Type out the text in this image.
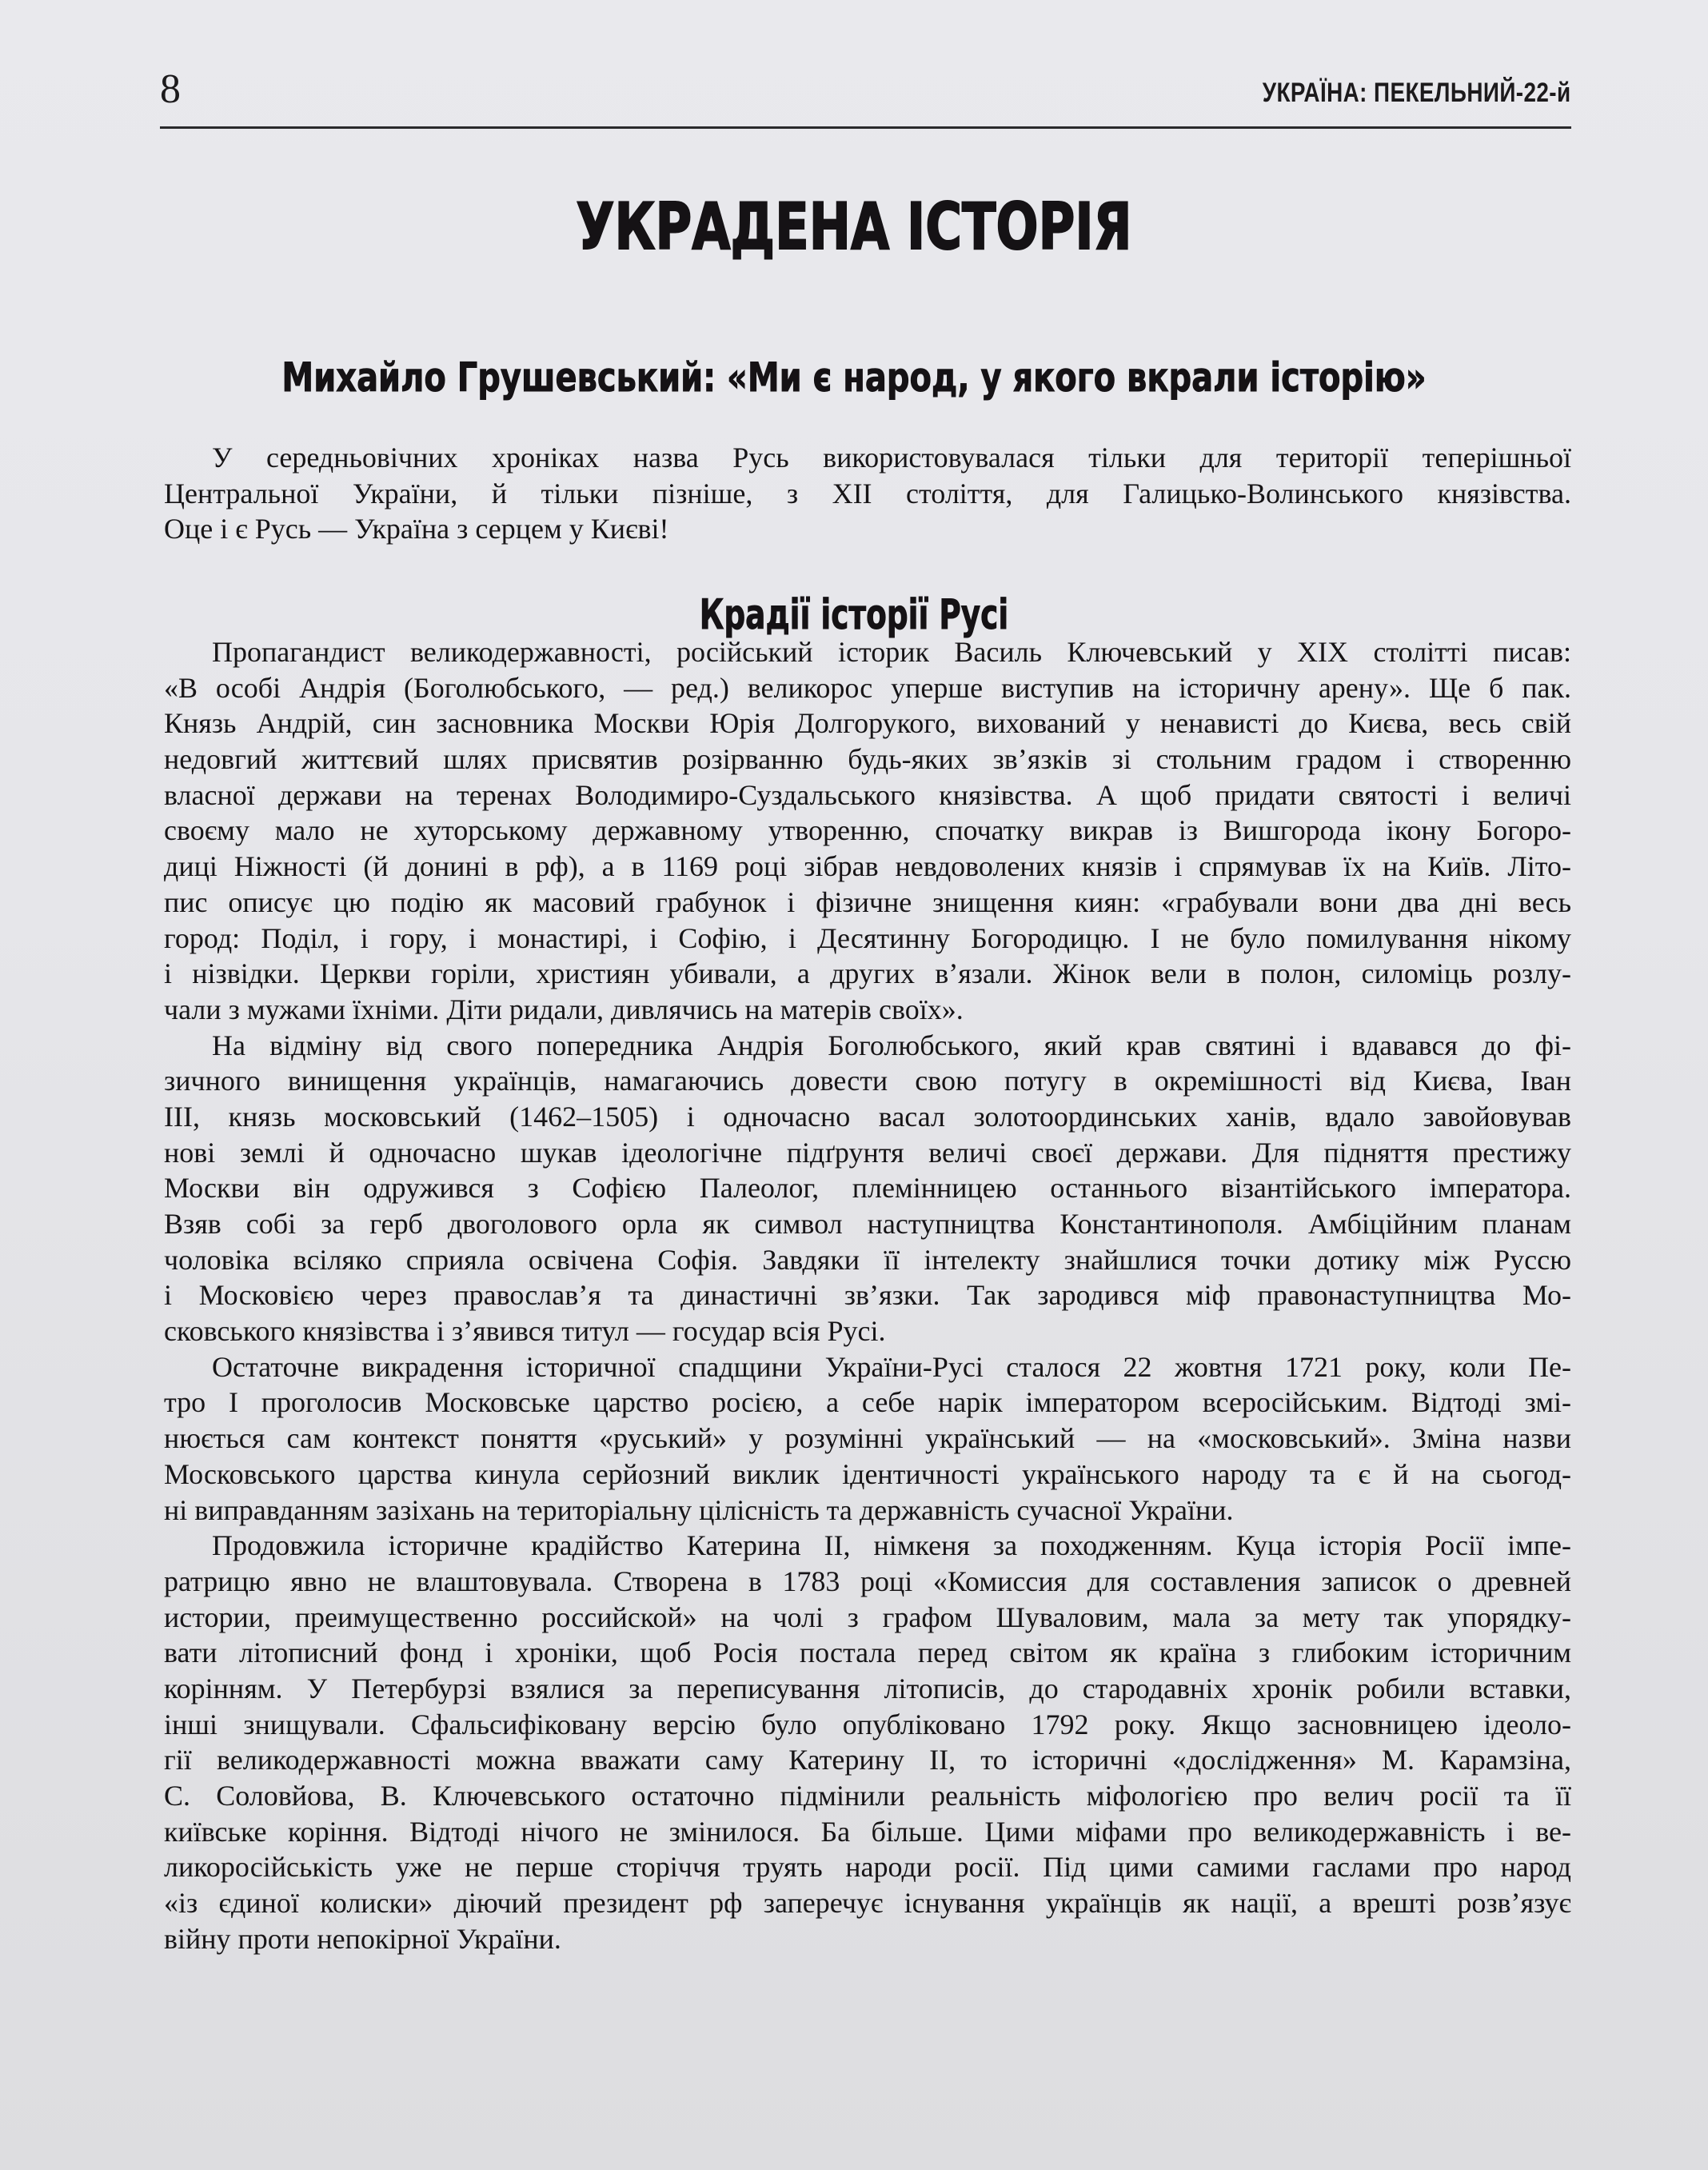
8	УКРАЇНА: ПЕКЕЛЬНИЙ-22-й
УКРАДЕНА ІСТОРІЯ
Михайло Грушевський: «Ми є народ, у якого вкрали історію»
У середньовічних хроніках назва Русь використовувалася тільки для території теперішньої
Центральної України, й тільки пізніше, з XII століття, для Галицько-Волинського князівства.
Оце і є Русь — Україна з серцем у Києві!
Крадії історії Русі
Пропагандист великодержавності, російський історик Василь Ключевський у XIX столітті писав:
«В особі Андрія (Боголюбського, — ред.) великорос уперше виступив на історичну арену». Ще б пак.
Князь Андрій, син засновника Москви Юрія Долгорукого, вихований у ненависті до Києва, весь свій
недовгий життєвий шлях присвятив розірванню будь-яких зв’язків зі стольним градом і створенню
власної держави на теренах Володимиро-Суздальського князівства. А щоб придати святості і величі
своєму мало не хуторському державному утворенню, спочатку викрав із Вишгорода ікону Богоро-
диці Ніжності (й донині в рф), а в 1169 році зібрав невдоволених князів і спрямував їх на Київ. Літо-
пис описує цю подію як масовий грабунок і фізичне знищення киян: «грабували вони два дні весь
город: Поділ, і гору, і монастирі, і Софію, і Десятинну Богородицю. І не було помилування нікому
і нізвідки. Церкви горіли, християн убивали, а других в’язали. Жінок вели в полон, силоміць розлу-
чали з мужами їхніми. Діти ридали, дивлячись на матерів своїх».
На відміну від свого попередника Андрія Боголюбського, який крав святині і вдавався до фі-
зичного винищення українців, намагаючись довести свою потугу в окремішності від Києва, Іван
III, князь московський (1462–1505) і одночасно васал золотоординських ханів, вдало завойовував
нові землі й одночасно шукав ідеологічне підґрунтя величі своєї держави. Для підняття престижу
Москви він одружився з Софією Палеолог, племінницею останнього візантійського імператора.
Взяв собі за герб двоголового орла як символ наступництва Константинополя. Амбіційним планам
чоловіка всіляко сприяла освічена Софія. Завдяки її інтелекту знайшлися точки дотику між Руссю
і Московією через православ’я та династичні зв’язки. Так зародився міф правонаступництва Мо-
сковського князівства і з’явився титул — государ всія Русі.
Остаточне викрадення історичної спадщини України-Русі сталося 22 жовтня 1721 року, коли Пе-
тро І проголосив Московське царство росією, а себе нарік імператором всеросійським. Відтоді змі-
нюється сам контекст поняття «руський» у розумінні український — на «московський». Зміна назви
Московського царства кинула серйозний виклик ідентичності українського народу та є й на сьогод-
ні виправданням зазіхань на територіальну цілісність та державність сучасної України.
Продовжила історичне крадійство Катерина II, німкеня за походженням. Куца історія Росії імпе-
ратрицю явно не влаштовувала. Створена в 1783 році «Комиссия для составления записок о древней
истории, преимущественно российской» на чолі з графом Шуваловим, мала за мету так упорядку-
вати літописний фонд і хроніки, щоб Росія постала перед світом як країна з глибоким історичним
корінням. У Петербурзі взялися за переписування літописів, до стародавніх хронік робили вставки,
інші знищували. Сфальсифіковану версію було опубліковано 1792 року. Якщо засновницею ідеоло-
гії великодержавності можна вважати саму Катерину II, то історичні «дослідження» М. Карамзіна,
С. Соловйова, В. Ключевського остаточно підмінили реальність міфологією про велич росії та її
київське коріння. Відтоді нічого не змінилося. Ба більше. Цими міфами про великодержавність і ве-
ликоросійськість уже не перше сторіччя труять народи росії. Під цими самими гаслами про народ
«із єдиної колиски» діючий президент рф заперечує існування українців як нації, а врешті розв’язує
війну проти непокірної України.
